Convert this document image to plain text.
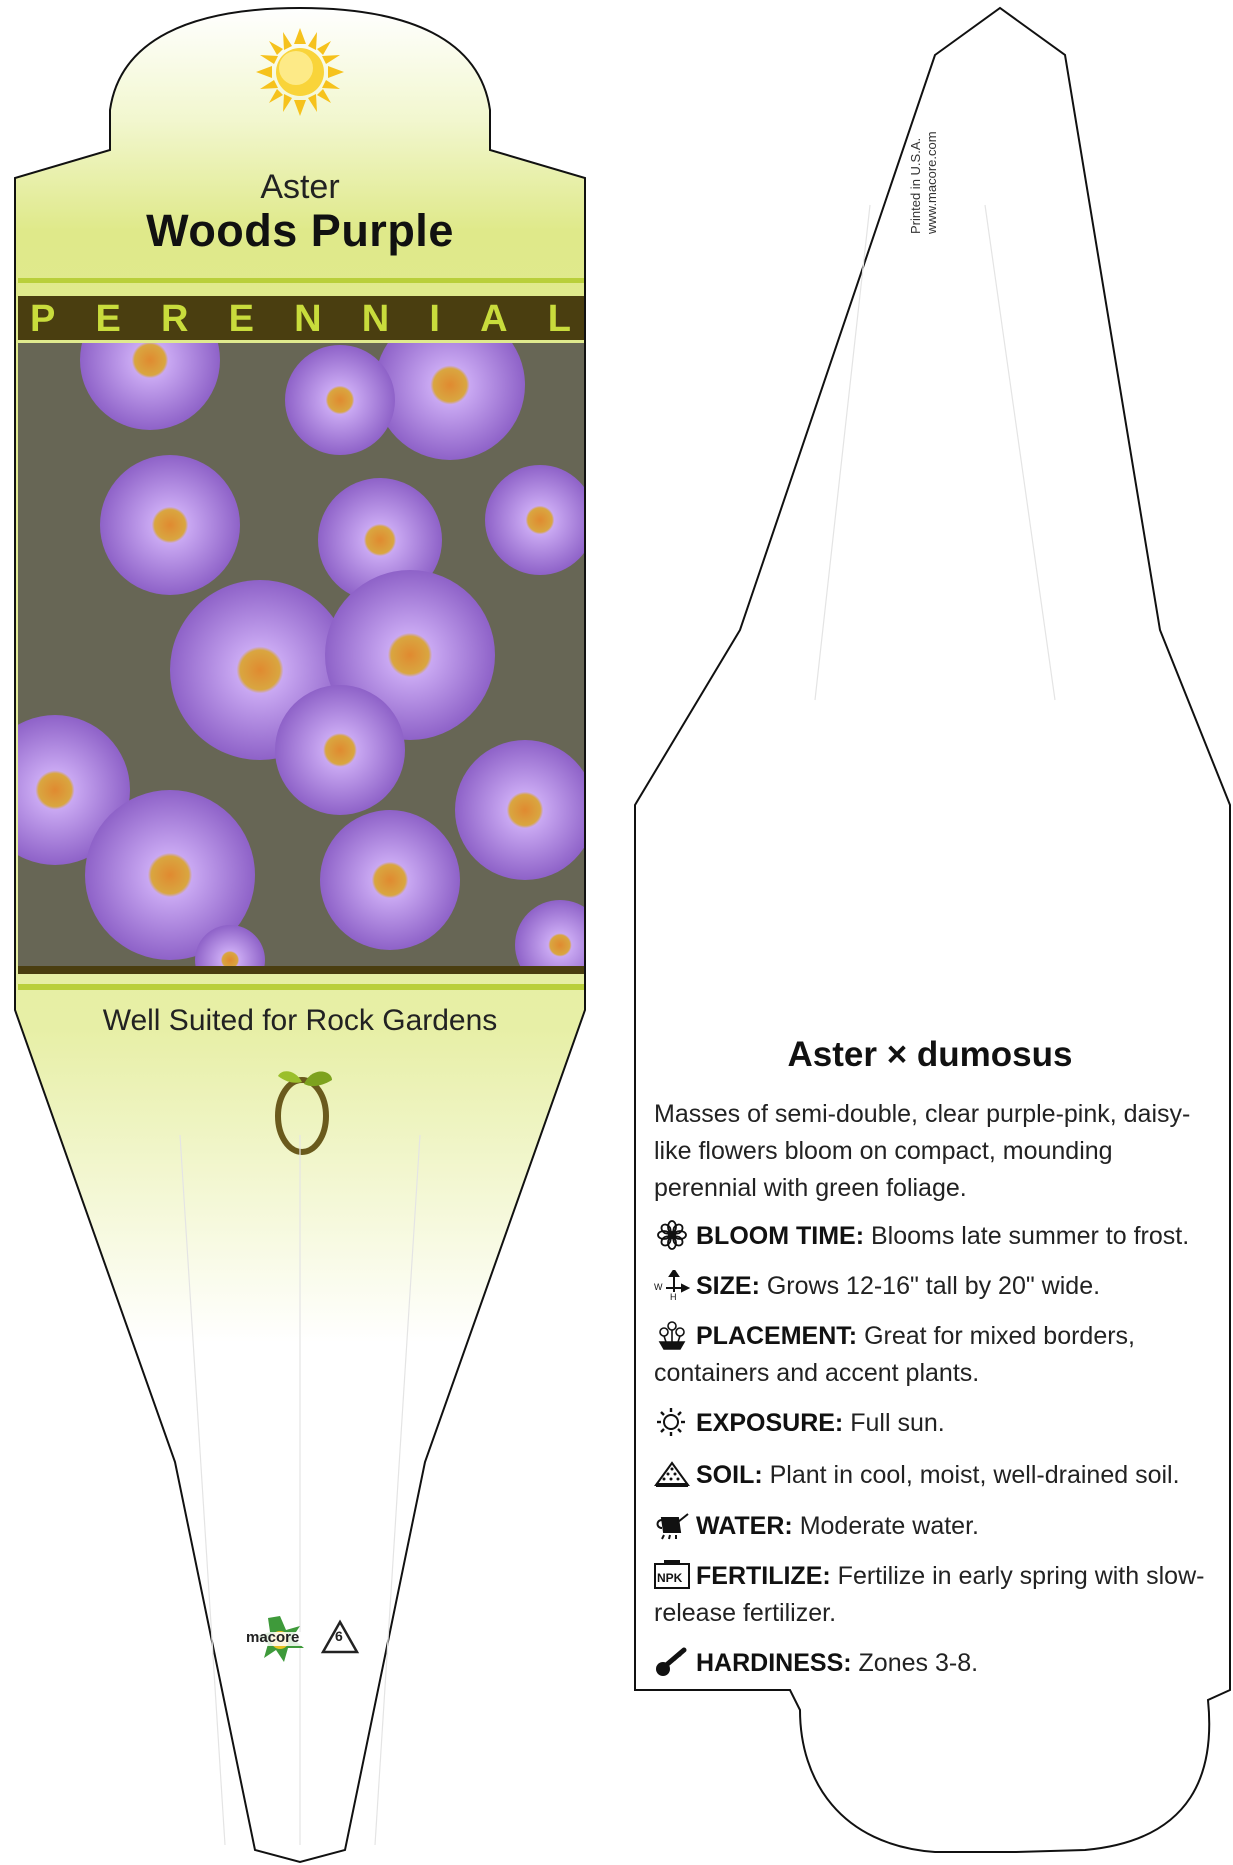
Aster
Woods Purple
P E R E N N I A L
Well Suited for Rock Gardens
macore	6
Printed in U.S.A. www.macore.com
Aster × dumosus
Masses of semi-double, clear purple-pink, daisy-like flowers bloom on compact, mounding perennial with green foliage.
BLOOM TIME: Blooms late summer to frost.
W
H SIZE: Grows 12-16" tall by 20" wide.
PLACEMENT: Great for mixed borders, containers and accent plants.
EXPOSURE: Full sun.
SOIL: Plant in cool, moist, well-drained soil.
WATER: Moderate water.
NPK FERTILIZE: Fertilize in early spring with slow-release fertilizer.
HARDINESS: Zones 3-8.
